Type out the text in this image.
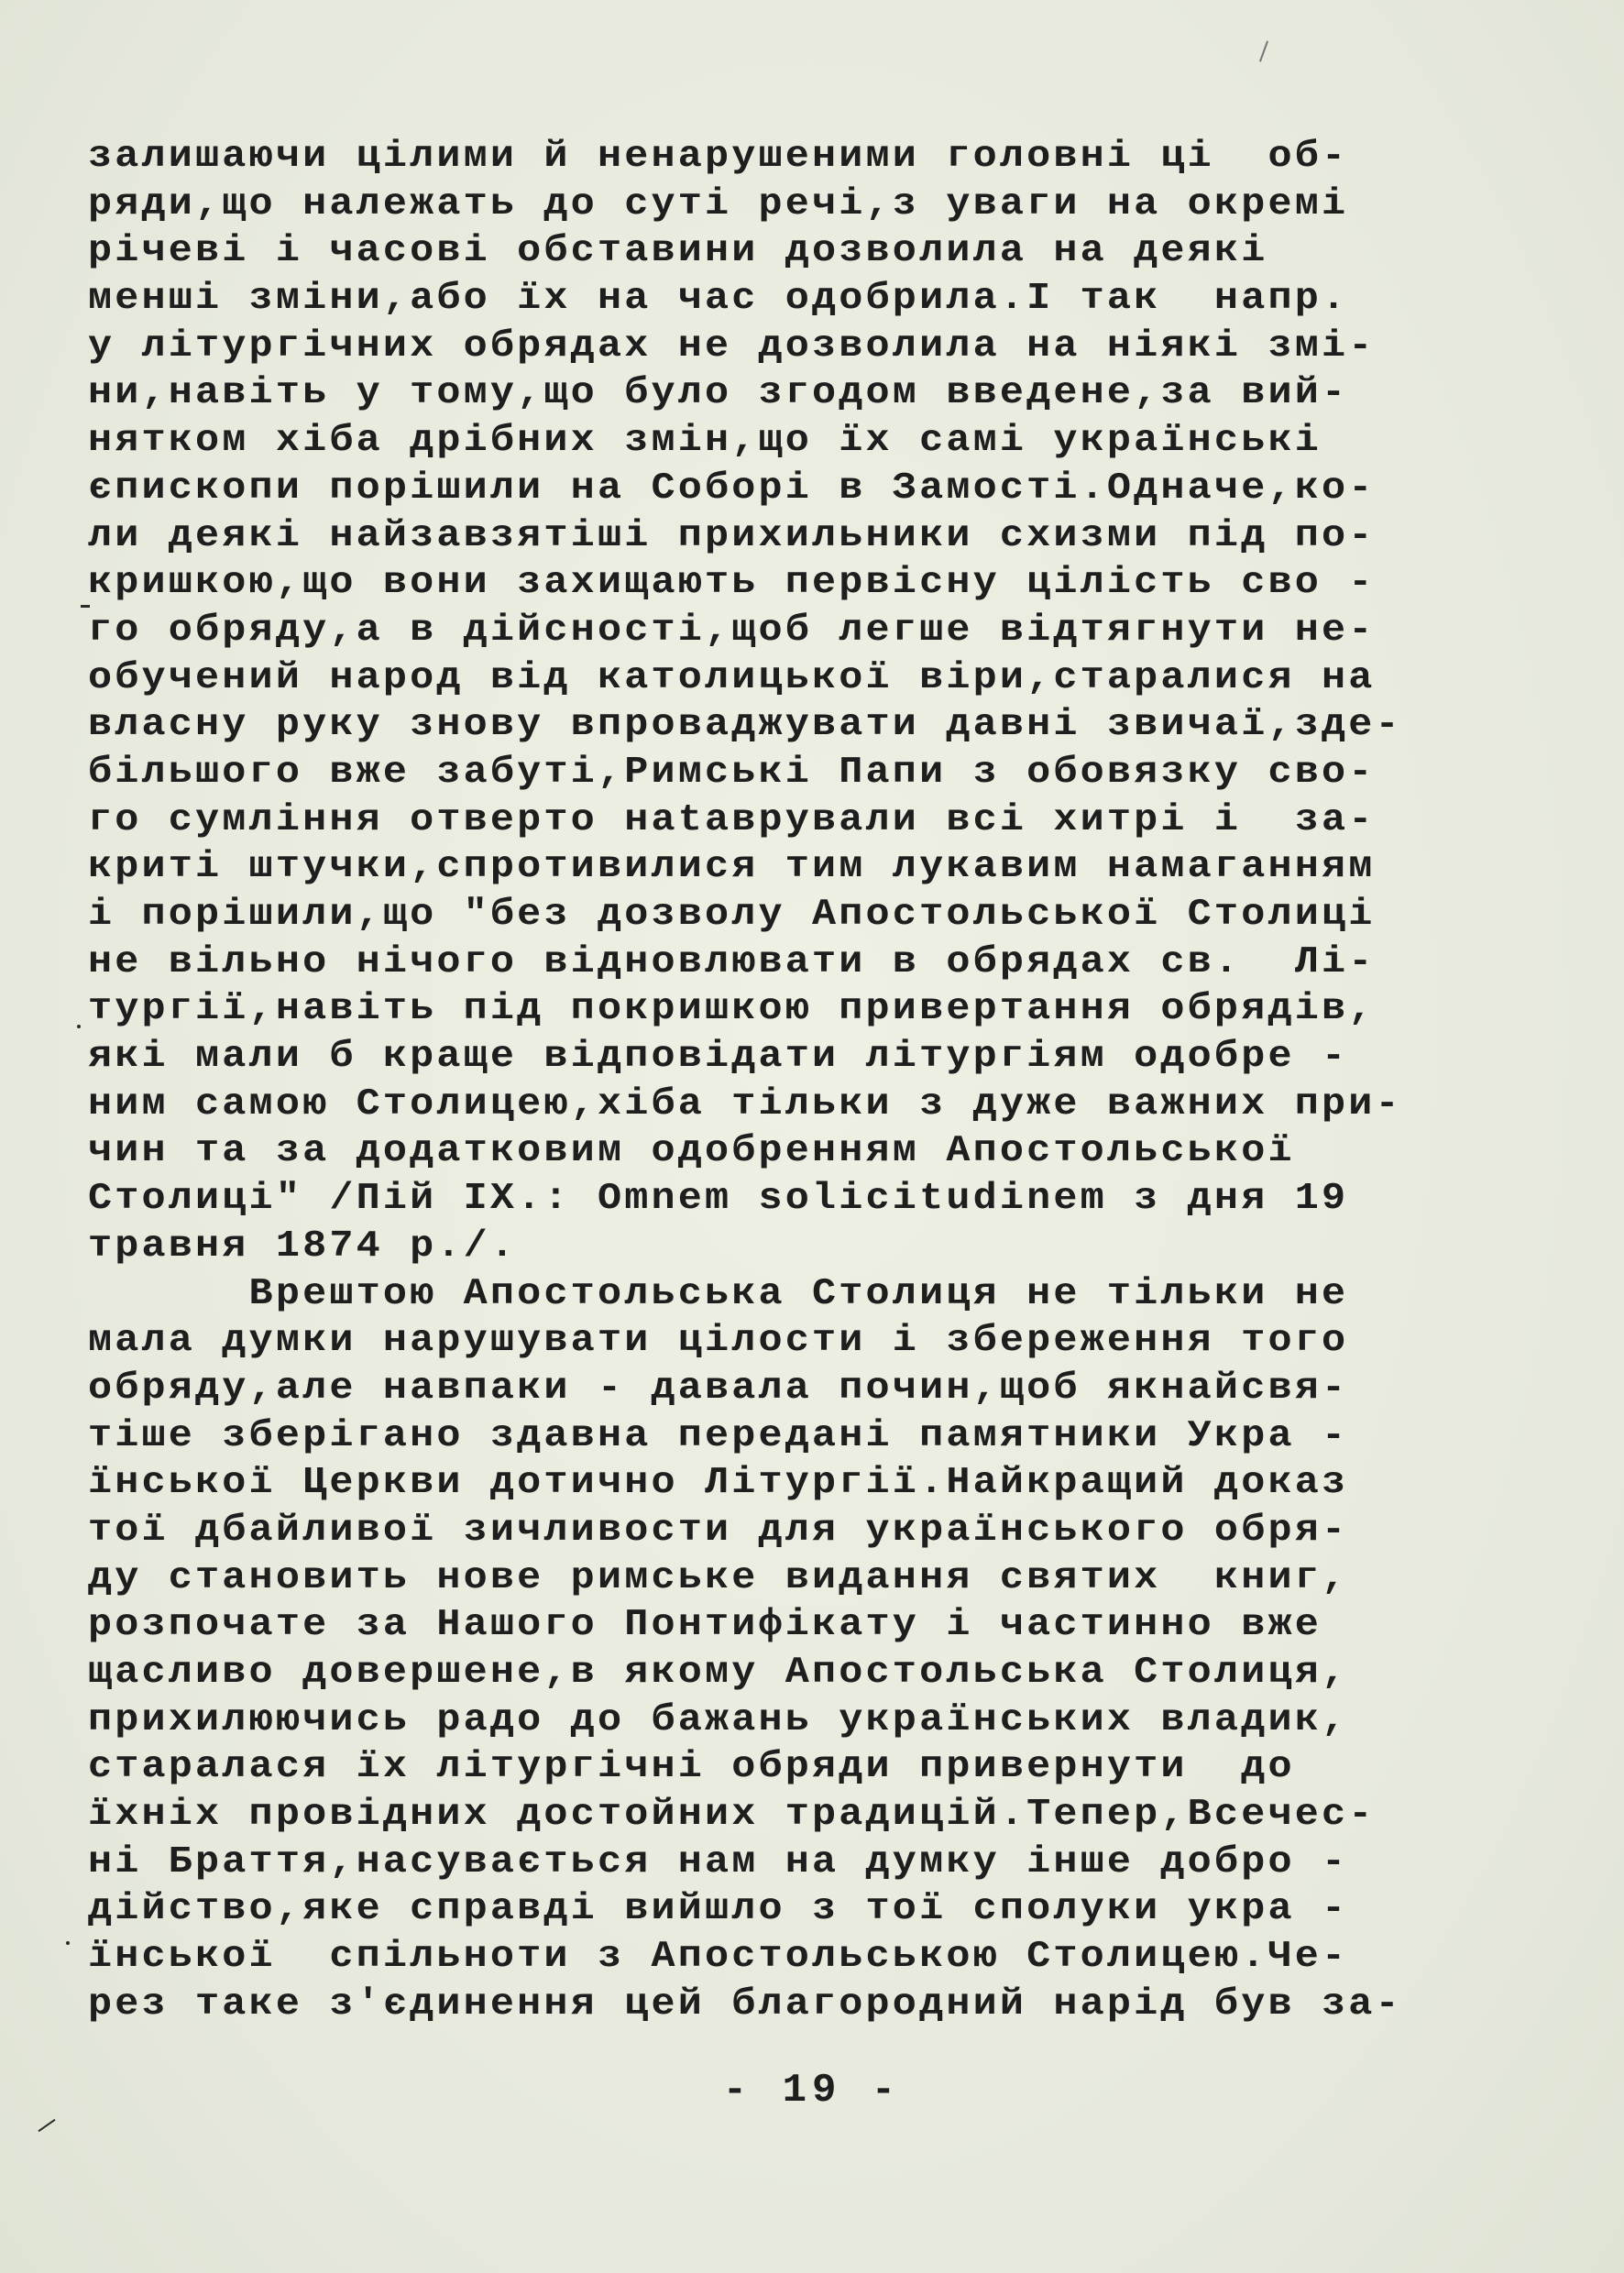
залишаючи цілими й ненарушеними головні ці  об-
ряди,що належать до суті речі,з уваги на окремі
річеві і часові обставини дозволила на деякі
менші зміни,або їх на час одобрила.І так  напр.
у літургічних обрядах не дозволила на ніякі змі-
ни,навіть у тому,що було згодом введене,за вий-
нятком хіба дрібних змін,що їх самі українські
єпископи порішили на Соборі в Замості.Одначе,ко-
ли деякі найзавзятіші прихильники схизми під по-
кришкою,що вони захищають первісну цілість сво -
го обряду,а в дійсності,щоб легше відтягнути не-
обучений народ від католицької віри,старалися на
власну руку знову впроваджувати давні звичаї,зде-
більшого вже забуті,Римські Папи з обовязку сво-
го сумління отверто наtаврували всі хитрі і  за-
криті штучки,спротивилися тим лукавим намаганням
і порішили,що "без дозволу Апостольської Столиці
не вільно нічого відновлювати в обрядах св.  Лі-
тургії,навіть під покришкою привертання обрядів,
які мали б краще відповідати літургіям одобре -
ним самою Столицею,хіба тільки з дуже важних при-
чин та за додатковим одобренням Апостольської
Столиці" /Пій IX.: Omnem solicitudinem з дня 19
травня 1874 р./.
Врештою Апостольська Столиця не тільки не
мала думки нарушувати цілости і збереження того
обряду,але навпаки - давала почин,щоб якнайсвя-
тіше зберігано здавна передані памятники Укра -
їнської Церкви дотично Літургії.Найкращий доказ
тої дбайливої зичливости для українського обря-
ду становить нове римське видання святих  книг,
розпочате за Нашого Понтифікату і частинно вже
щасливо довершене,в якому Апостольська Столиця,
прихилюючись радо до бажань українських владик,
старалася їх літургічні обряди привернути  до
їхніх провідних достойних традицій.Тепер,Всечес-
ні Браття,насувається нам на думку інше добро -
дійство,яке справді вийшло з тої сполуки укра -
їнської  спільноти з Апостольською Столицею.Че-
рез таке з'єдинення цей благородний нарід був за-
- 19 -
